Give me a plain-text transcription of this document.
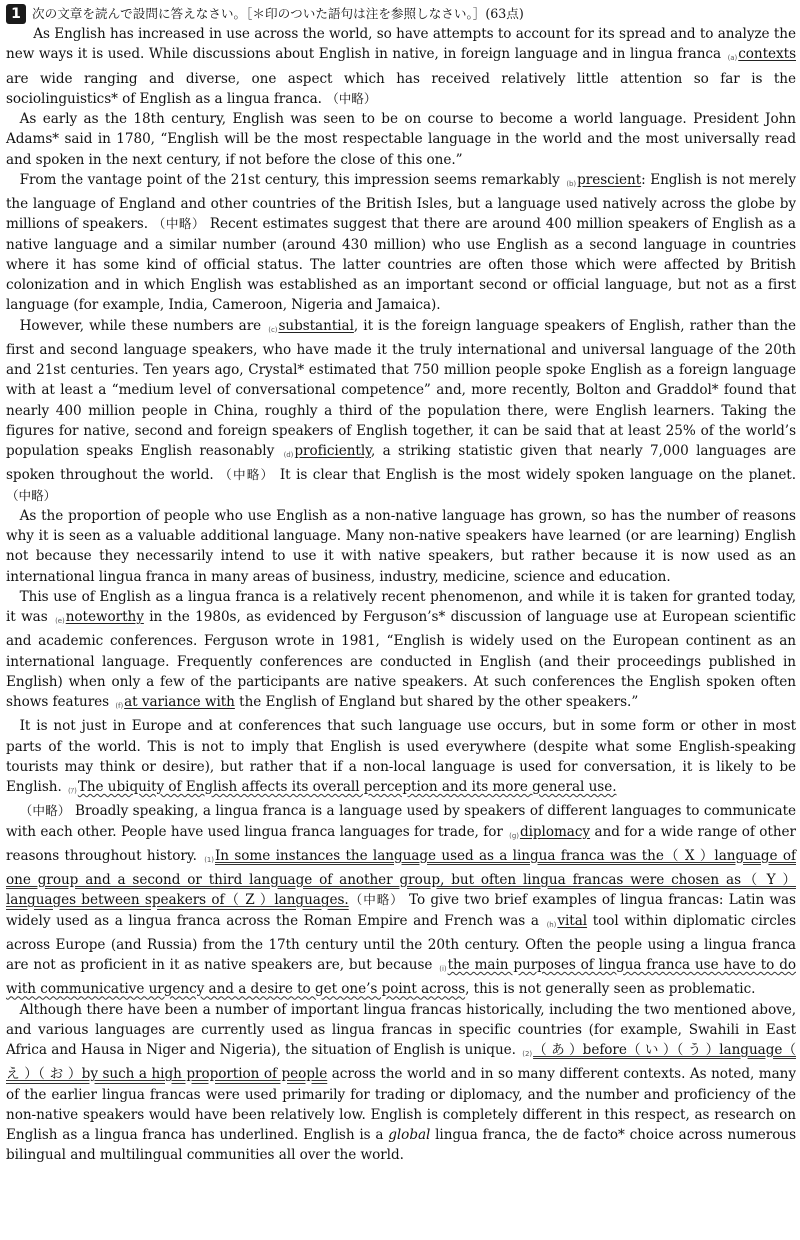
1 次の文章を読んで設問に答えなさい。［＊印のついた語句は注を参照しなさい。］(63点)

As English has increased in use across the world, so have attempts to account for its spread and to analyze the new ways it is used. While discussions about English in native, in foreign language and in lingua franca (a)contexts are wide ranging and diverse, one aspect which has received relatively little attention so far is the sociolinguistics* of English as a lingua franca. （中略）

As early as the 18th century, English was seen to be on course to become a world language. President John Adams* said in 1780, “English will be the most respectable language in the world and the most universally read and spoken in the next century, if not before the close of this one.”

From the vantage point of the 21st century, this impression seems remarkably (b)prescient: English is not merely the language of England and other countries of the British Isles, but a language used natively across the globe by millions of speakers. （中略） Recent estimates suggest that there are around 400 million speakers of English as a native language and a similar number (around 430 million) who use English as a second language in countries where it has some kind of official status. The latter countries are often those which were affected by British colonization and in which English was established as an important second or official language, but not as a first language (for example, India, Cameroon, Nigeria and Jamaica).

However, while these numbers are (c)substantial, it is the foreign language speakers of English, rather than the first and second language speakers, who have made it the truly international and universal language of the 20th and 21st centuries. Ten years ago, Crystal* estimated that 750 million people spoke English as a foreign language with at least a “medium level of conversational competence” and, more recently, Bolton and Graddol* found that nearly 400 million people in China, roughly a third of the population there, were English learners. Taking the figures for native, second and foreign speakers of English together, it can be said that at least 25% of the world’s population speaks English reasonably (d)proficiently, a striking statistic given that nearly 7,000 languages are spoken throughout the world. （中略） It is clear that English is the most widely spoken language on the planet. （中略）

As the proportion of people who use English as a non-native language has grown, so has the number of reasons why it is seen as a valuable additional language. Many non-native speakers have learned (or are learning) English not because they necessarily intend to use it with native speakers, but rather because it is now used as an international lingua franca in many areas of business, industry, medicine, science and education.

This use of English as a lingua franca is a relatively recent phenomenon, and while it is taken for granted today, it was (e)noteworthy in the 1980s, as evidenced by Ferguson’s* discussion of language use at European scientific and academic conferences. Ferguson wrote in 1981, “English is widely used on the European continent as an international language. Frequently conferences are conducted in English (and their proceedings published in English) when only a few of the participants are native speakers. At such conferences the English spoken often shows features (f)at variance with the English of England but shared by the other speakers.”

It is not just in Europe and at conferences that such language use occurs, but in some form or other in most parts of the world. This is not to imply that English is used everywhere (despite what some English-speaking tourists may think or desire), but rather that if a non-local language is used for conversation, it is likely to be English. (ｱ)The ubiquity of English affects its overall perception and its more general use.

（中略） Broadly speaking, a lingua franca is a language used by speakers of different languages to communicate with each other. People have used lingua franca languages for trade, for (g)diplomacy and for a wide range of other reasons throughout history. (1)In some instances the language used as a lingua franca was the（ X ）language of one group and a second or third language of another group, but often lingua francas were chosen as（ Y ）languages between speakers of（ Z ）languages.（中略） To give two brief examples of lingua francas: Latin was widely used as a lingua franca across the Roman Empire and French was a (h)vital tool within diplomatic circles across Europe (and Russia) from the 17th century until the 20th century. Often the people using a lingua franca are not as proficient in it as native speakers are, but because (i)the main purposes of lingua franca use have to do with communicative urgency and a desire to get one’s point across, this is not generally seen as problematic.

Although there have been a number of important lingua francas historically, including the two mentioned above, and various languages are currently used as lingua francas in specific countries (for example, Swahili in East Africa and Hausa in Niger and Nigeria), the situation of English is unique. (2)（ あ ）before（ い ）（ う ）language（ え ）（ お ）by such a high proportion of people across the world and in so many different contexts. As noted, many of the earlier lingua francas were used primarily for trading or diplomacy, and the number and proficiency of the non-native speakers would have been relatively low. English is completely different in this respect, as research on English as a lingua franca has underlined. English is a global lingua franca, the de facto* choice across numerous bilingual and multilingual communities all over the world.
